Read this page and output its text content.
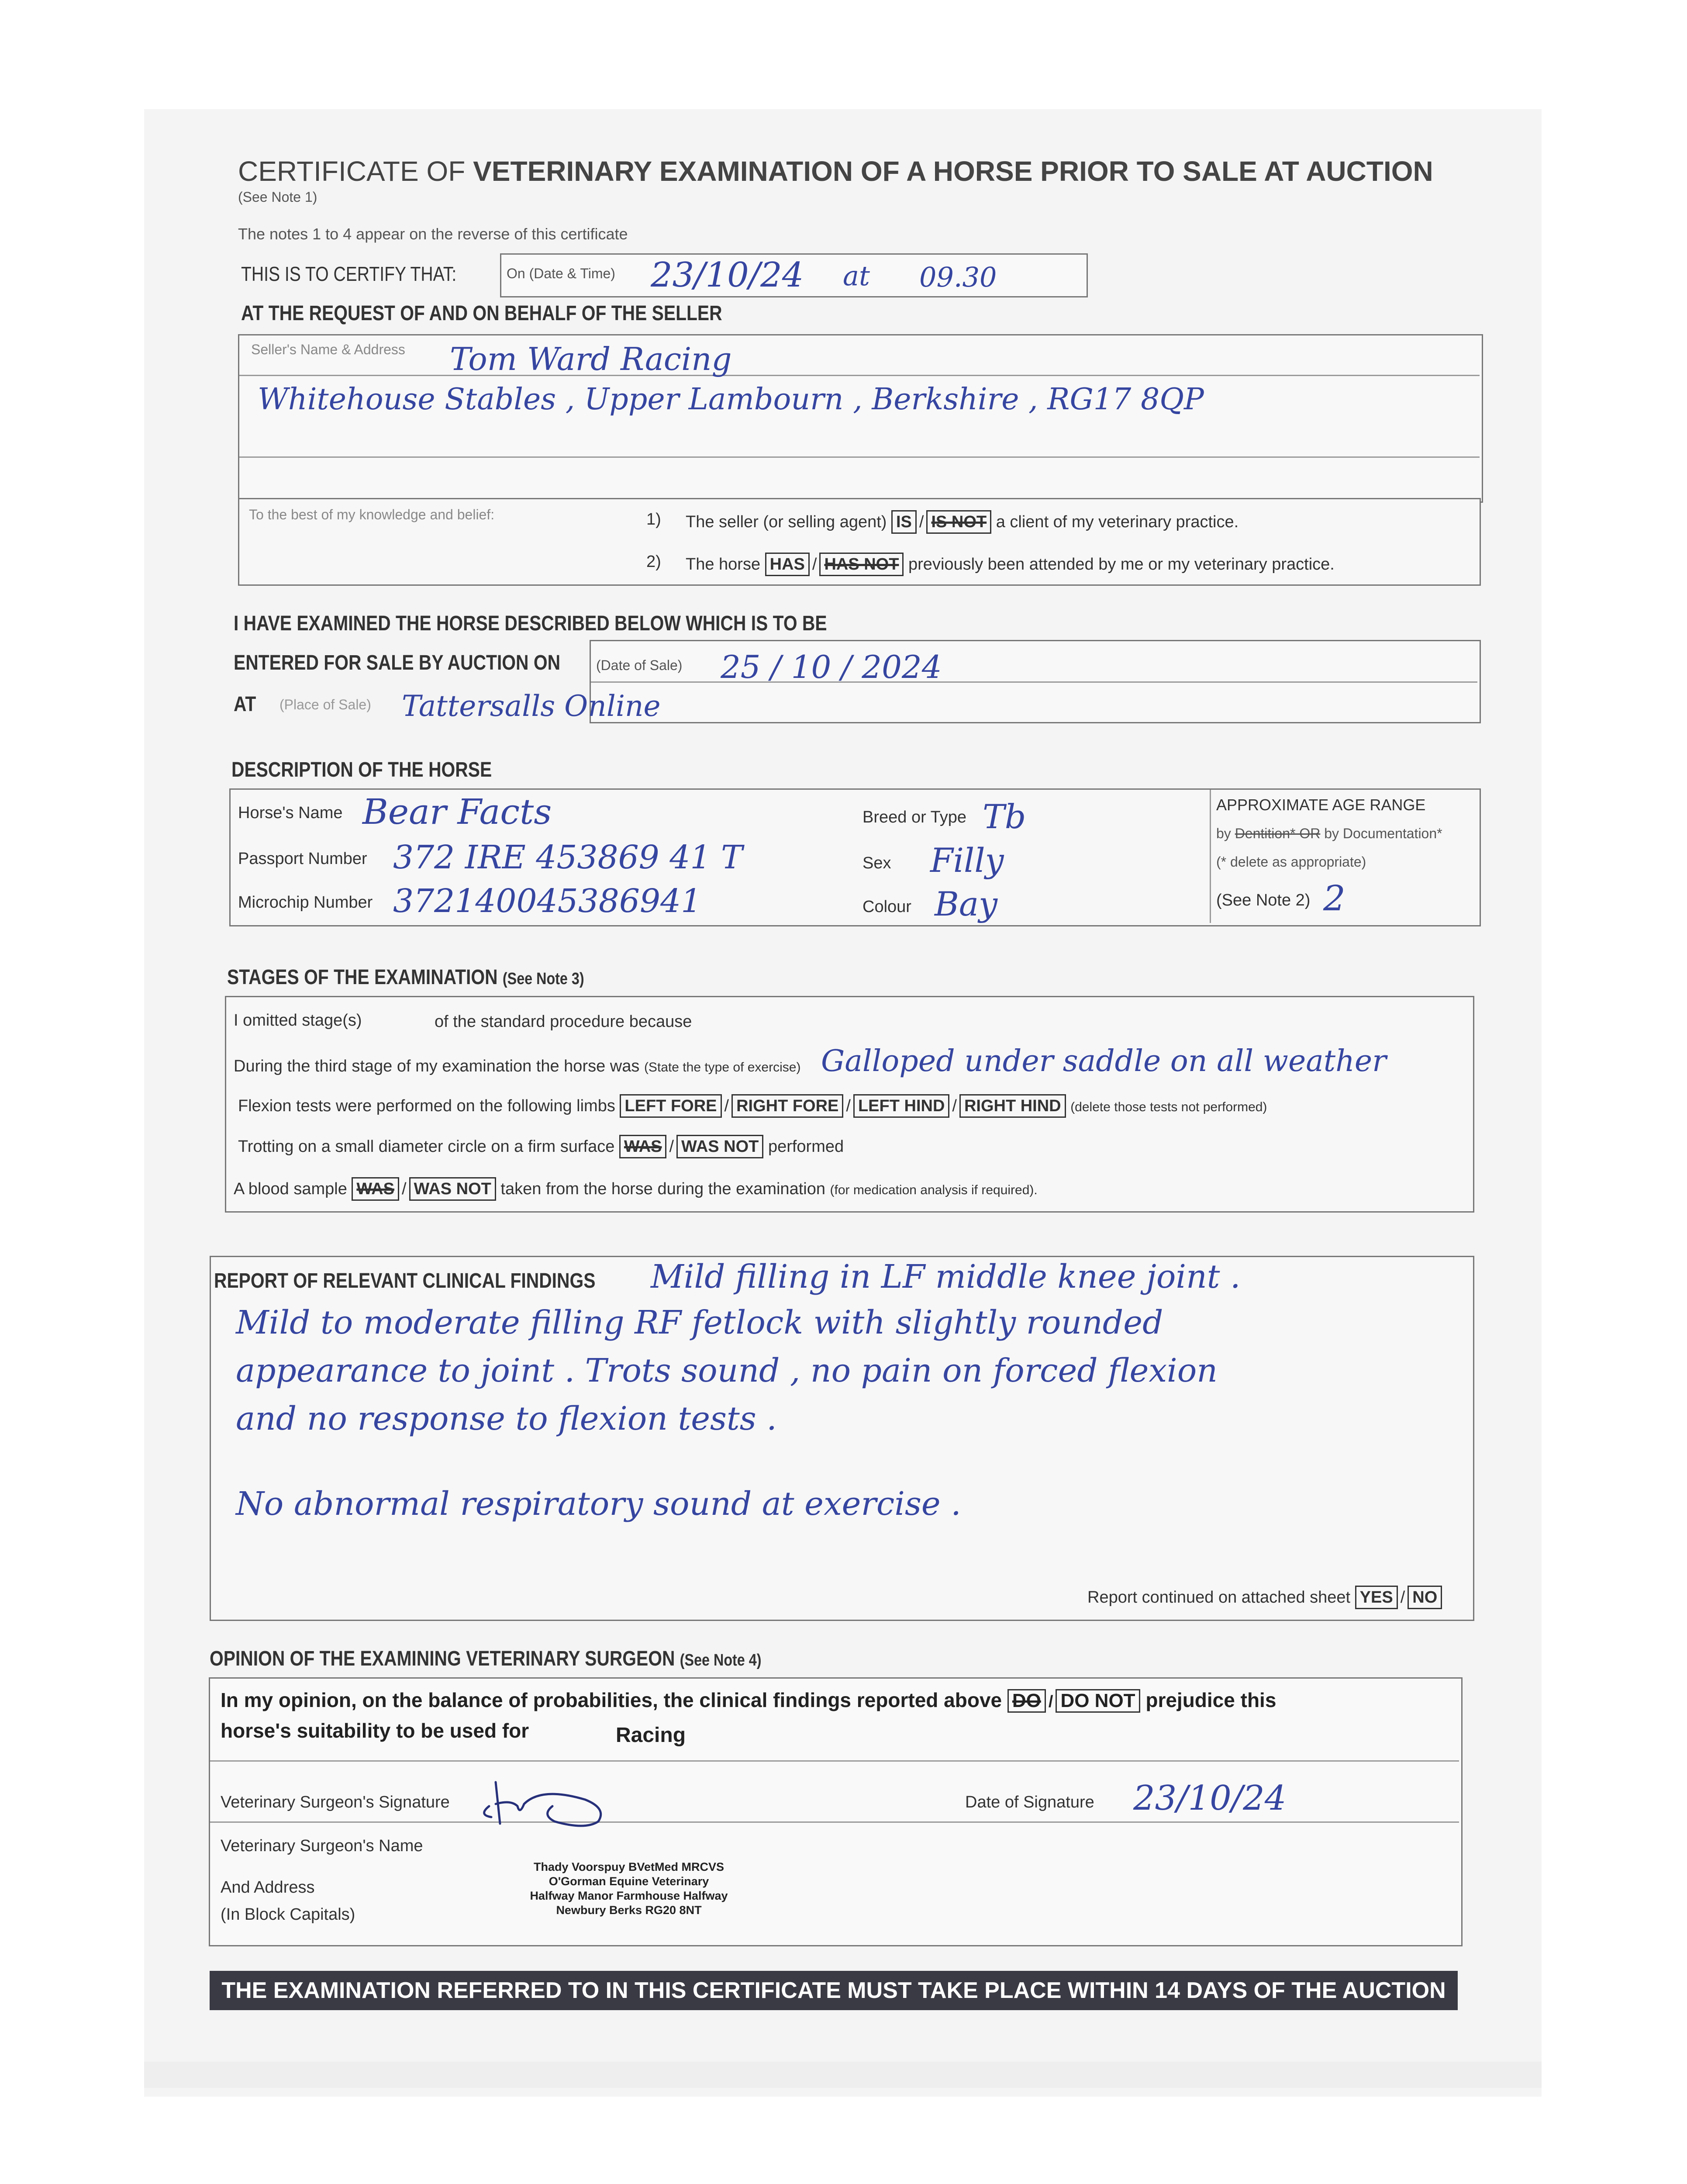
CERTIFICATE OF VETERINARY EXAMINATION OF A HORSE PRIOR TO SALE AT AUCTION
(See Note 1)
The notes 1 to 4 appear on the reverse of this certificate
THIS IS TO CERTIFY THAT:	On (Date & Time) 23/10/24 at 09.30
AT THE REQUEST OF AND ON BEHALF OF THE SELLER
Seller's Name & Address Tom Ward Racing
Whitehouse Stables , Upper Lambourn , Berkshire , RG17 8QP
To the best of my knowledge and belief:	1) The seller (or selling agent) IS / IS NOT a client of my veterinary practice.
2) The horse HAS / HAS NOT previously been attended by me or my veterinary practice.
I HAVE EXAMINED THE HORSE DESCRIBED BELOW WHICH IS TO BE
ENTERED FOR SALE BY AUCTION ON	(Date of Sale) 25 / 10 / 2024
AT (Place of Sale) Tattersalls Online
DESCRIPTION OF THE HORSE
Horse's Name Bear Facts
Passport Number 372 IRE 453869 41 T
Microchip Number 372140045386941
Breed or Type Tb
Sex Filly
Colour Bay
APPROXIMATE AGE RANGE
by Dentition* OR by Documentation*
(* delete as appropriate)
(See Note 2) 2
STAGES OF THE EXAMINATION (See Note 3)
I omitted stage(s)	of the standard procedure because
During the third stage of my examination the horse was (State the type of exercise) Galloped under saddle on all weather
Flexion tests were performed on the following limbs LEFT FORE / RIGHT FORE / LEFT HIND / RIGHT HIND (delete those tests not performed)
Trotting on a small diameter circle on a firm surface WAS / WAS NOT performed
A blood sample WAS / WAS NOT taken from the horse during the examination (for medication analysis if required).
REPORT OF RELEVANT CLINICAL FINDINGS Mild filling in LF middle knee joint .
Mild to moderate filling RF fetlock with slightly rounded
appearance to joint . Trots sound , no pain on forced flexion
and no response to flexion tests .
No abnormal respiratory sound at exercise .
Report continued on attached sheet YES / NO
OPINION OF THE EXAMINING VETERINARY SURGEON (See Note 4)
In my opinion, on the balance of probabilities, the clinical findings reported above DO / DO NOT prejudice this
horse's suitability to be used for	Racing
Veterinary Surgeon's Signature	Date of Signature 23/10/24
Veterinary Surgeon's Name
And Address
(In Block Capitals)
Thady Voorspuy BVetMed MRCVS
O'Gorman Equine Veterinary
Halfway Manor Farmhouse Halfway
Newbury Berks RG20 8NT
THE EXAMINATION REFERRED TO IN THIS CERTIFICATE MUST TAKE PLACE WITHIN 14 DAYS OF THE AUCTION
